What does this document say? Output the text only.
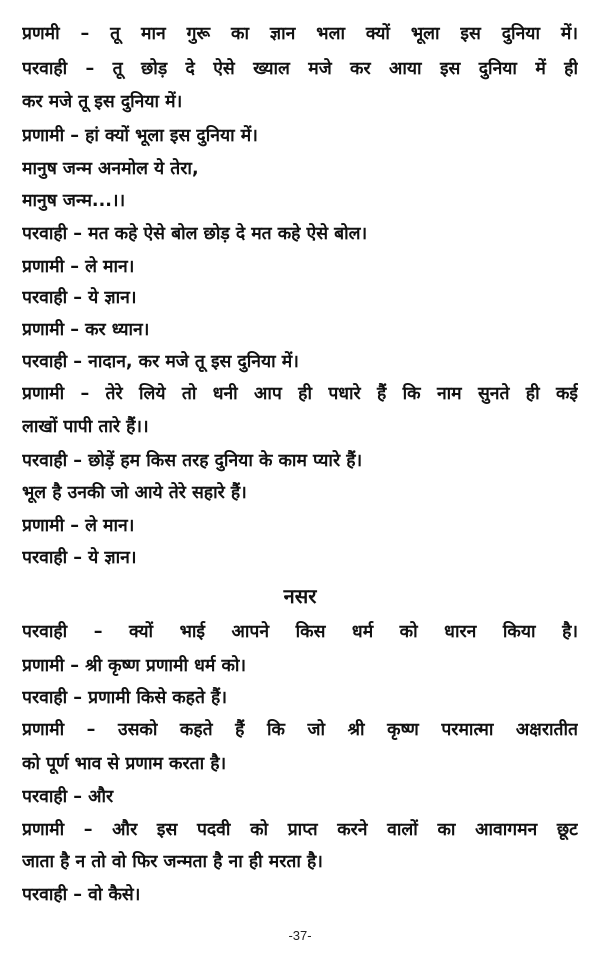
प्रणमी – तू मान गुरू का ज्ञान भला क्यों भूला इस दुनिया में।
परवाही – तू छोड़ दे ऐसे ख्याल मजे कर आया इस दुनिया में ही
कर मजे तू इस दुनिया में।
प्रणामी – हां क्यों भूला इस दुनिया में।
मानुष जन्म अनमोल ये तेरा,
मानुष जन्म...।।
परवाही – मत कहे ऐसे बोल छोड़ दे मत कहे ऐसे बोल।
प्रणामी – ले मान।
परवाही – ये ज्ञान।
प्रणामी – कर ध्यान।
परवाही – नादान, कर मजे तू इस दुनिया में।
प्रणामी – तेरे लिये तो धनी आप ही पधारे हैं कि नाम सुनते ही कई
लाखों पापी तारे हैं।।
परवाही – छोड़ें हम किस तरह दुनिया के काम प्यारे हैं।
भूल है उनकी जो आये तेरे सहारे हैं।
प्रणामी – ले मान।
परवाही – ये ज्ञान।
नसर
परवाही – क्यों भाई आपने किस धर्म को धारन किया है।
प्रणामी – श्री कृष्ण प्रणामी धर्म को।
परवाही – प्रणामी किसे कहते हैं।
प्रणामी – उसको कहते हैं कि जो श्री कृष्ण परमात्मा अक्षरातीत
को पूर्ण भाव से प्रणाम करता है।
परवाही – और
प्रणामी – और इस पदवी को प्राप्त करने वालों का आवागमन छूट
जाता है न तो वो फिर जन्मता है ना ही मरता है।
परवाही – वो कैसे।
-37-
